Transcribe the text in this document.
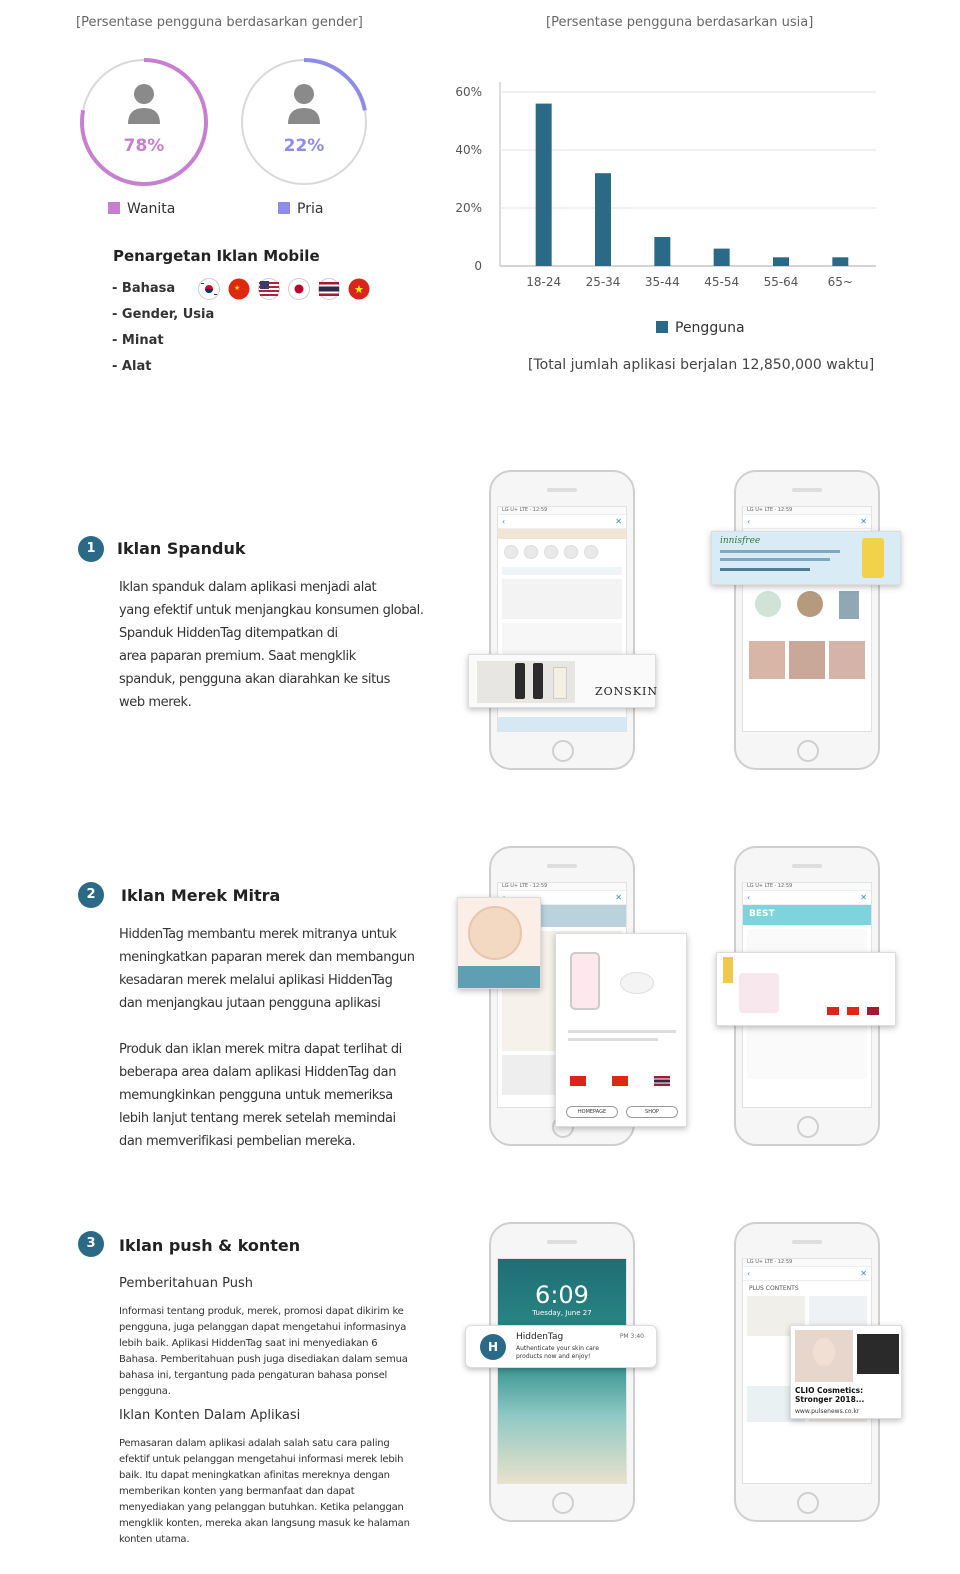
[Persentase pengguna berdasarkan gender]	[Persentase pengguna berdasarkan usia]
78%	22%
Wanita	Pria
Penargetan Iklan Mobile
- Bahasa
- Gender, Usia
- Minat
- Alat
★	★
0
20%
40%
60%
18-24 25-34 35-44 45-54 55-64 65~
Pengguna
[Total jumlah aplikasi berjalan 12,850,000 waktu]
1	Iklan Spanduk
Iklan spanduk dalam aplikasi menjadi alat
yang efektif untuk menjangkau konsumen global.
Spanduk HiddenTag ditempatkan di
area paparan premium. Saat mengklik
spanduk, pengguna akan diarahkan ke situs
web merek.
LG U+ LTE · 12:59
‹	✕
ZONSKIN
LG U+ LTE · 12:59
‹	✕
innisfree
2	Iklan Merek Mitra
HiddenTag membantu merek mitranya untuk
meningkatkan paparan merek dan membangun
kesadaran merek melalui aplikasi HiddenTag
dan menjangkau jutaan pengguna aplikasi
Produk dan iklan merek mitra dapat terlihat di
beberapa area dalam aplikasi HiddenTag dan
memungkinkan pengguna untuk memeriksa
lebih lanjut tentang merek setelah memindai
dan memverifikasi pembelian mereka.
LG U+ LTE · 12:59
✕
HOMEPAGE	SHOP
LG U+ LTE · 12:59
‹	✕
BEST
3	Iklan push & konten
Pemberitahuan Push
Informasi tentang produk, merek, promosi dapat dikirim ke
pengguna, juga pelanggan dapat mengetahui informasinya
lebih baik. Aplikasi HiddenTag saat ini menyediakan 6
Bahasa. Pemberitahuan push juga disediakan dalam semua
bahasa ini, tergantung pada pengaturan bahasa ponsel pengguna.
Iklan Konten Dalam Aplikasi
Pemasaran dalam aplikasi adalah salah satu cara paling
efektif untuk pelanggan mengetahui informasi merek lebih
baik. Itu dapat meningkatkan afinitas mereknya dengan
memberikan konten yang bermanfaat dan dapat
menyediakan yang pelanggan butuhkan. Ketika pelanggan
mengklik konten, mereka akan langsung masuk ke halaman
konten utama.
6:09
Tuesday, June 27
H
HiddenTag	PM 3:40
Authenticate your skin care products now and enjoy!
LG U+ LTE · 12:59
‹	✕
PLUS CONTENTS
CLIO Cosmetics: Stronger 2018...
www.pulsenews.co.kr
